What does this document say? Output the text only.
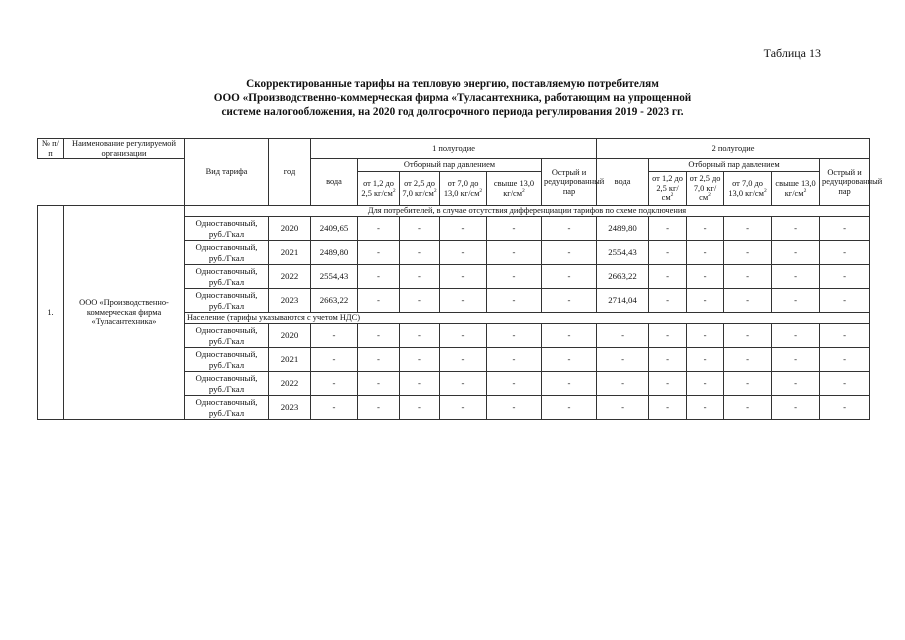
Таблица 13
Скорректированные тарифы на тепловую энергию, поставляемую потребителям
ООО «Производственно-коммерческая фирма «Туласантехника, работающим на упрощенной
системе налогообложения, на 2020 год долгосрочного периода регулирования 2019 - 2023 гг.
№ п/п	Наименование регулируемой организации	Вид тарифа	год	1 полугодие						2 полугодие					
				вода	Отборный пар давлением				Острый и редуцированный пар	вода	Отборный пар давлением				Острый и редуцированный пар
					от 1,2 до 2,5 $кг/см^2$	от 2,5 до 7,0 $кг/см^2$	от 7,0 до 13,0 $кг/см^2$	свыше 13,0 $кг/см^2$			от 1,2 до 2,5 $кг/см^2$	от 2,5 до 7,0 $кг/см^2$	от 7,0 до 13,0 $кг/см^2$	свыше 13,0 $кг/см^2$
1.	ООО «Производственно-коммерческая фирма «Туласантехника»	Для потребителей, в случае отсутствия дифференциации тарифов по схеме подключения													
		Одноставочный, руб./Гкал	2020	2409,65	-	-	-	-	-	2489,80	-	-	-	-	-
		Одноставочный, руб./Гкал	2021	2489,80	-	-	-	-	-	2554,43	-	-	-	-	-
		Одноставочный, руб./Гкал	2022	2554,43	-	-	-	-	-	2663,22	-	-	-	-	-
		Одноставочный, руб./Гкал	2023	2663,22	-	-	-	-	-	2714,04	-	-	-	-	-
		Население (тарифы указываются с учетом НДС)													
		Одноставочный, руб./Гкал	2020	-	-	-	-	-	-	-	-	-	-	-	-
		Одноставочный, руб./Гкал	2021	-	-	-	-	-	-	-	-	-	-	-	-
		Одноставочный, руб./Гкал	2022	-	-	-	-	-	-	-	-	-	-	-	-
		Одноставочный, руб./Гкал	2023	-	-	-	-	-	-	-	-	-	-	-	-
